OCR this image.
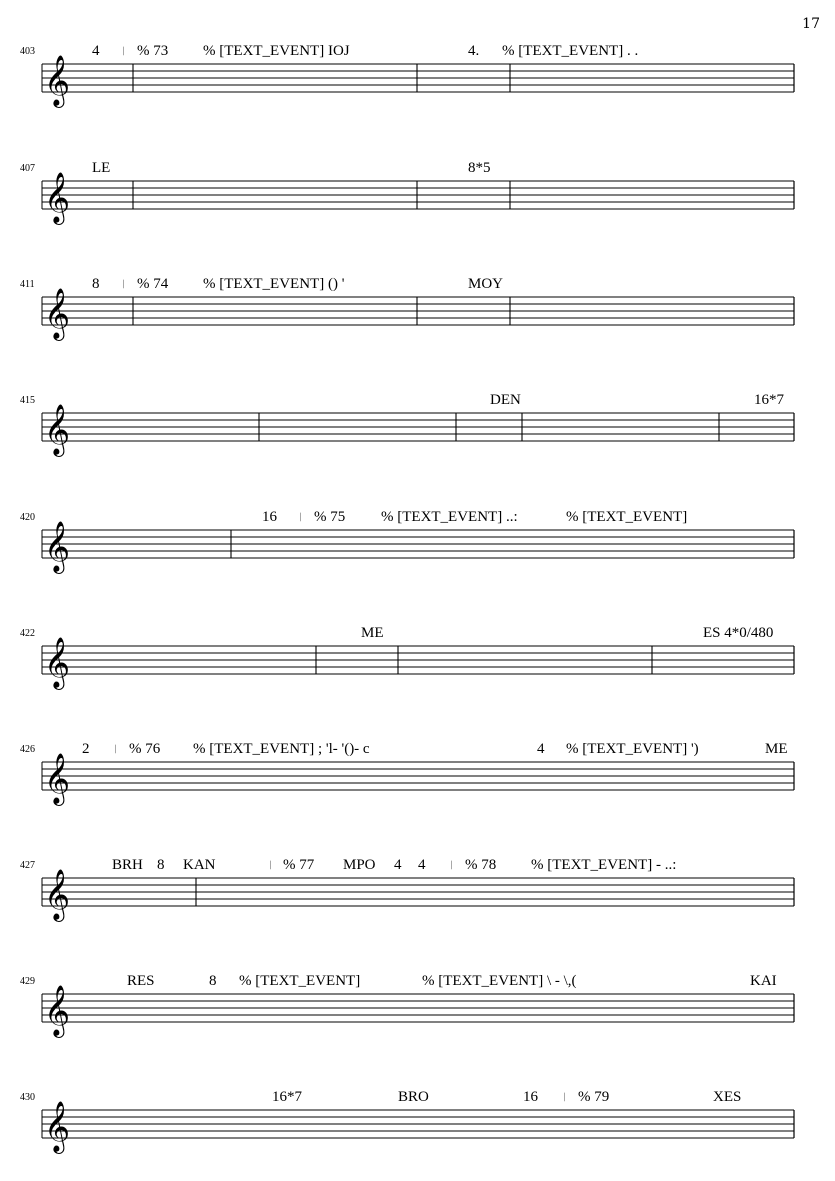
17
403
𝄞
4 𝄀 % 73 % [TEXT_EVENT] IOJ	4. % [TEXT_EVENT] . .
407
𝄞
LE	8*5
411
𝄞
8 𝄀 % 74 % [TEXT_EVENT] () '	MOY
415
𝄞
DEN	16*7
420
𝄞
16 𝄀 % 75 % [TEXT_EVENT] ..:	% [TEXT_EVENT]
422
𝄞
ME	ES 4*0/480
426
𝄞
2 𝄀 % 76 % [TEXT_EVENT] ; 'l- '()- c	4 % [TEXT_EVENT] ')	ME
427
𝄞
BRH 8 KAN	𝄀 % 77 MPO 4 4 𝄀 % 78 % [TEXT_EVENT] - ..:
429
𝄞
RES	8 % [TEXT_EVENT]	% [TEXT_EVENT] \ - \,(	KAI
430
𝄞
16*7	BRO	16 𝄀 % 79	XES
